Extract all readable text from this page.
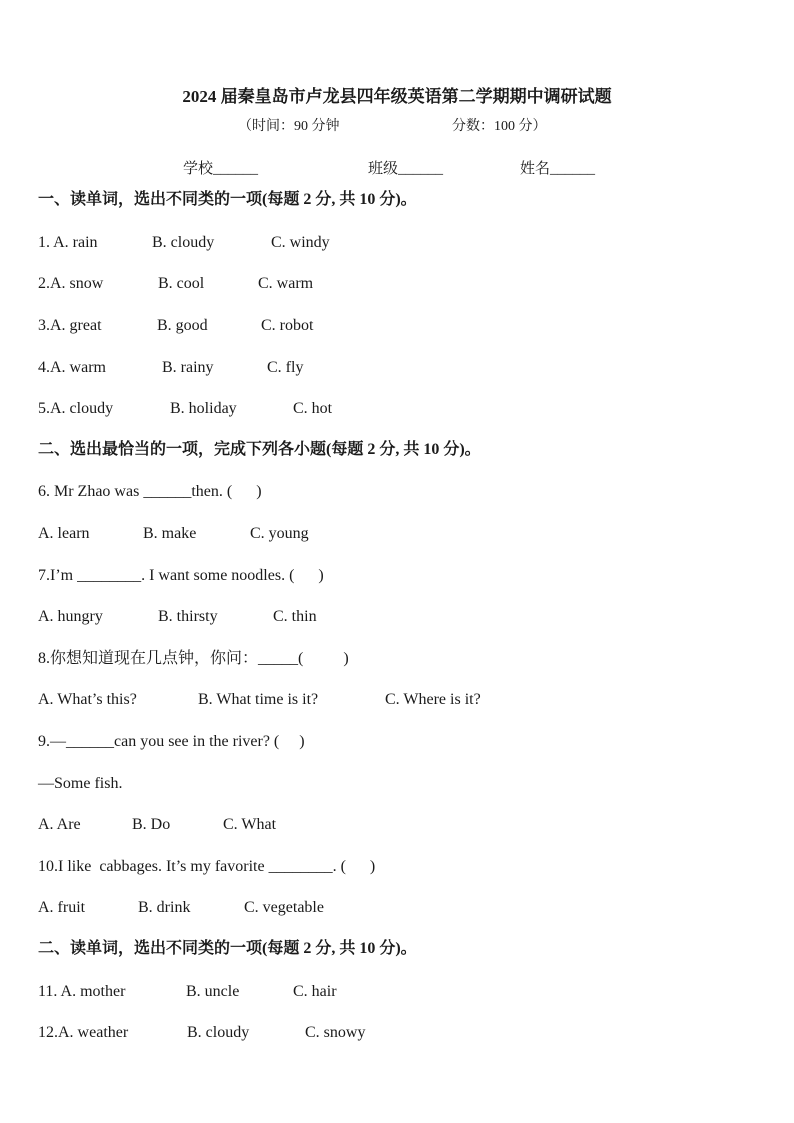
2024 届秦皇岛市卢龙县四年级英语第二学期期中调研试题
（时间：90 分钟	分数：100 分）
学校______	班级______	姓名______
一、读单词，选出不同类的一项(每题 2 分, 共 10 分)。
1. A. rain	B. cloudy	C. windy
2.A. snow	B. cool	C. warm
3.A. great	B. good	C. robot
4.A. warm	B. rainy	C. fly
5.A. cloudy	B. holiday	C. hot
二、选出最恰当的一项，完成下列各小题(每题 2 分, 共 10 分)。
6. Mr Zhao was ______then. (      )
A. learn	B. make	C. young
7.I’m ________. I want some noodles. (      )
A. hungry	B. thirsty	C. thin
8.你想知道现在几点钟，你问：_____(          )
A. What’s this?	B. What time is it?	C. Where is it?
9.—______can you see in the river? (     )
—Some fish.
A. Are	B. Do	C. What
10.I like  cabbages. It’s my favorite ________. (      )
A. fruit	B. drink	C. vegetable
二、读单词，选出不同类的一项(每题 2 分, 共 10 分)。
11. A. mother	B. uncle	C. hair
12.A. weather	B. cloudy	C. snowy
